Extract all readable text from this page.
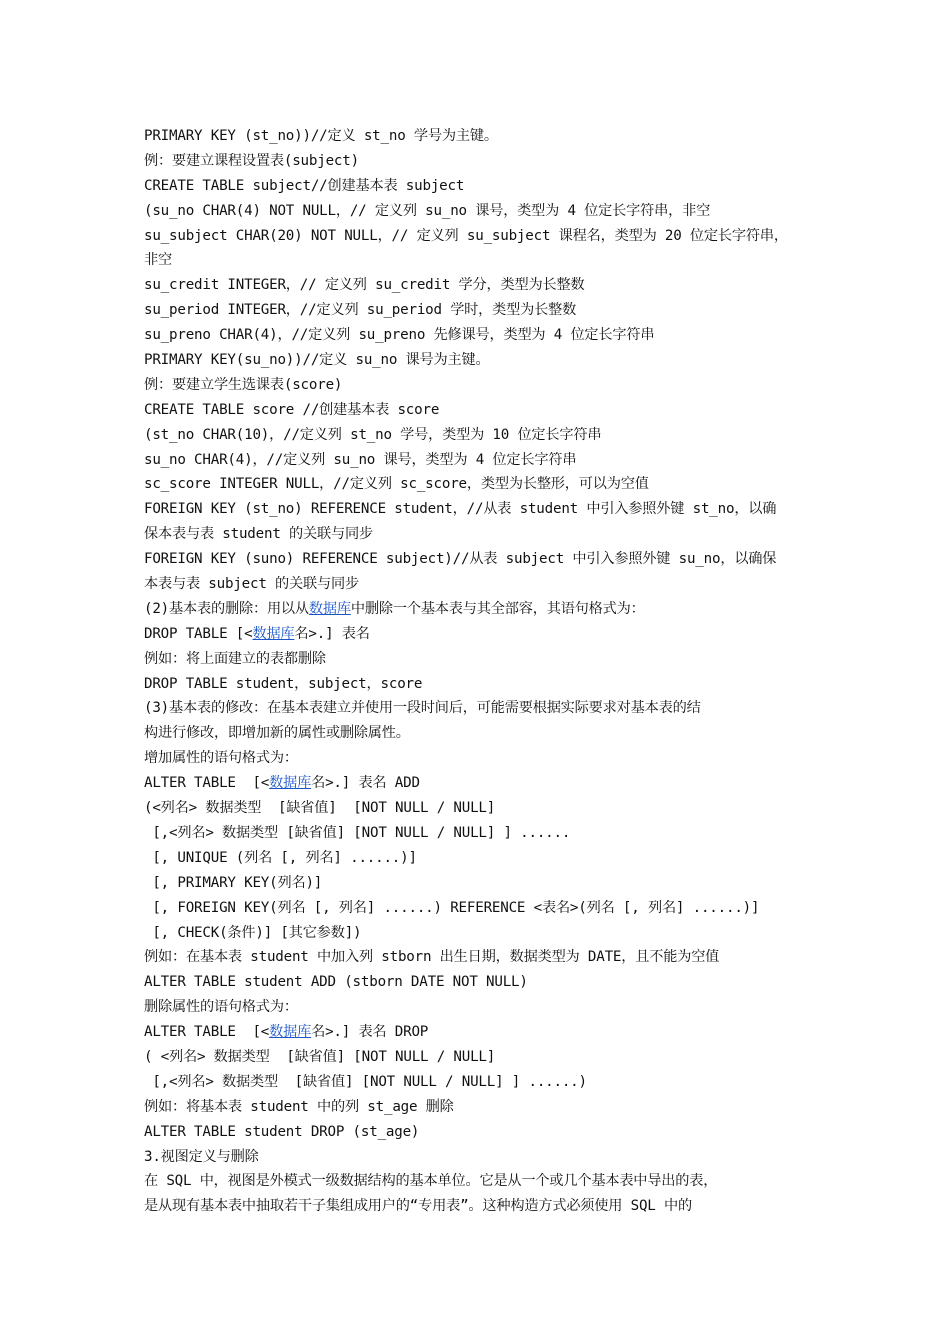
PRIMARY KEY (st_no))//定义 st_no 学号为主键。
例：要建立课程设置表(subject)
CREATE TABLE subject//创建基本表 subject
(su_no CHAR(4) NOT NULL，// 定义列 su_no 课号，类型为 4 位定长字符串，非空
su_subject CHAR(20) NOT NULL，// 定义列 su_subject 课程名，类型为 20 位定长字符串，
非空
su_credit INTEGER，// 定义列 su_credit 学分，类型为长整数
su_period INTEGER，//定义列 su_period 学时，类型为长整数
su_preno CHAR(4)，//定义列 su_preno 先修课号，类型为 4 位定长字符串
PRIMARY KEY(su_no))//定义 su_no 课号为主键。
例：要建立学生选课表(score)
CREATE TABLE score //创建基本表 score
(st_no CHAR(10)，//定义列 st_no 学号，类型为 10 位定长字符串
su_no CHAR(4)，//定义列 su_no 课号，类型为 4 位定长字符串
sc_score INTEGER NULL，//定义列 sc_score，类型为长整形，可以为空值
FOREIGN KEY (st_no) REFERENCE student，//从表 student 中引入参照外键 st_no，以确
保本表与表 student 的关联与同步
FOREIGN KEY (suno) REFERENCE subject)//从表 subject 中引入参照外键 su_no，以确保
本表与表 subject 的关联与同步
(2)基本表的删除：用以从数据库中删除一个基本表与其全部容，其语句格式为：
DROP TABLE [<数据库名>.] 表名
例如：将上面建立的表都删除
DROP TABLE student，subject，score
(3)基本表的修改：在基本表建立并使用一段时间后，可能需要根据实际要求对基本表的结
构进行修改，即增加新的属性或删除属性。
增加属性的语句格式为：
ALTER TABLE  [<数据库名>.] 表名 ADD
(<列名> 数据类型  [缺省值]  [NOT NULL / NULL]
[,<列名> 数据类型 [缺省值] [NOT NULL / NULL] ] ......
[, UNIQUE (列名 [, 列名] ......)]
[, PRIMARY KEY(列名)]
[, FOREIGN KEY(列名 [, 列名] ......) REFERENCE <表名>(列名 [, 列名] ......)]
[, CHECK(条件)] [其它参数])
例如：在基本表 student 中加入列 stborn 出生日期，数据类型为 DATE，且不能为空值
ALTER TABLE student ADD (stborn DATE NOT NULL)
删除属性的语句格式为：
ALTER TABLE  [<数据库名>.] 表名 DROP
( <列名> 数据类型  [缺省值] [NOT NULL / NULL]
[,<列名> 数据类型  [缺省值] [NOT NULL / NULL] ] ......)
例如：将基本表 student 中的列 st_age 删除
ALTER TABLE student DROP (st_age)
3.视图定义与删除
在 SQL 中，视图是外模式一级数据结构的基本单位。它是从一个或几个基本表中导出的表，
是从现有基本表中抽取若干子集组成用户的“专用表”。这种构造方式必须使用 SQL 中的
